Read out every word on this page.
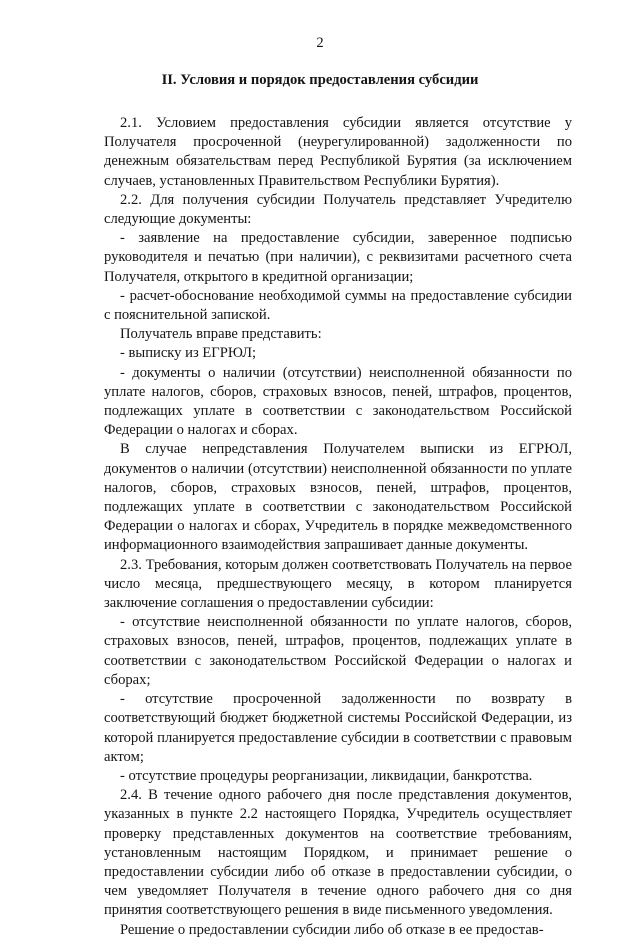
2
II. Условия и порядок предоставления субсидии

2.1. Условием предоставления субсидии является отсутствие у Получателя просроченной (неурегулированной) задолженности по денежным обязательствам перед Республикой Бурятия (за исключением случаев, установленных Правительством Республики Бурятия).

2.2. Для получения субсидии Получатель представляет Учредителю следующие документы:

- заявление на предоставление субсидии, заверенное подписью руководителя и печатью (при наличии), с реквизитами расчетного счета Получателя, открытого в кредитной организации;

- расчет-обоснование необходимой суммы на предоставление субсидии с пояснительной запиской.

Получатель вправе представить:

- выписку из ЕГРЮЛ;

- документы о наличии (отсутствии) неисполненной обязанности по уплате налогов, сборов, страховых взносов, пеней, штрафов, процентов, подлежащих уплате в соответствии с законодательством Российской Федерации о налогах и сборах.

В случае непредставления Получателем выписки из ЕГРЮЛ, документов о наличии (отсутствии) неисполненной обязанности по уплате налогов, сборов, страховых взносов, пеней, штрафов, процентов, подлежащих уплате в соответствии с законодательством Российской Федерации о налогах и сборах, Учредитель в порядке межведомственного информационного взаимодействия запрашивает данные документы.

2.3. Требования, которым должен соответствовать Получатель на первое число месяца, предшествующего месяцу, в котором планируется заключение соглашения о предоставлении субсидии:

- отсутствие неисполненной обязанности по уплате налогов, сборов, страховых взносов, пеней, штрафов, процентов, подлежащих уплате в соответствии с законодательством Российской Федерации о налогах и сборах;

- отсутствие просроченной задолженности по возврату в соответствующий бюджет бюджетной системы Российской Федерации, из которой планируется предоставление субсидии в соответствии с правовым актом;

- отсутствие процедуры реорганизации, ликвидации, банкротства.

2.4. В течение одного рабочего дня после представления документов, указанных в пункте 2.2 настоящего Порядка, Учредитель осуществляет проверку представленных документов на соответствие требованиям, установленным настоящим Порядком, и принимает решение о предоставлении субсидии либо об отказе в предоставлении субсидии, о чем уведомляет Получателя в течение одного рабочего дня со дня принятия соответствующего решения в виде письменного уведомления.

Решение о предоставлении субсидии либо об отказе в ее предостав-
